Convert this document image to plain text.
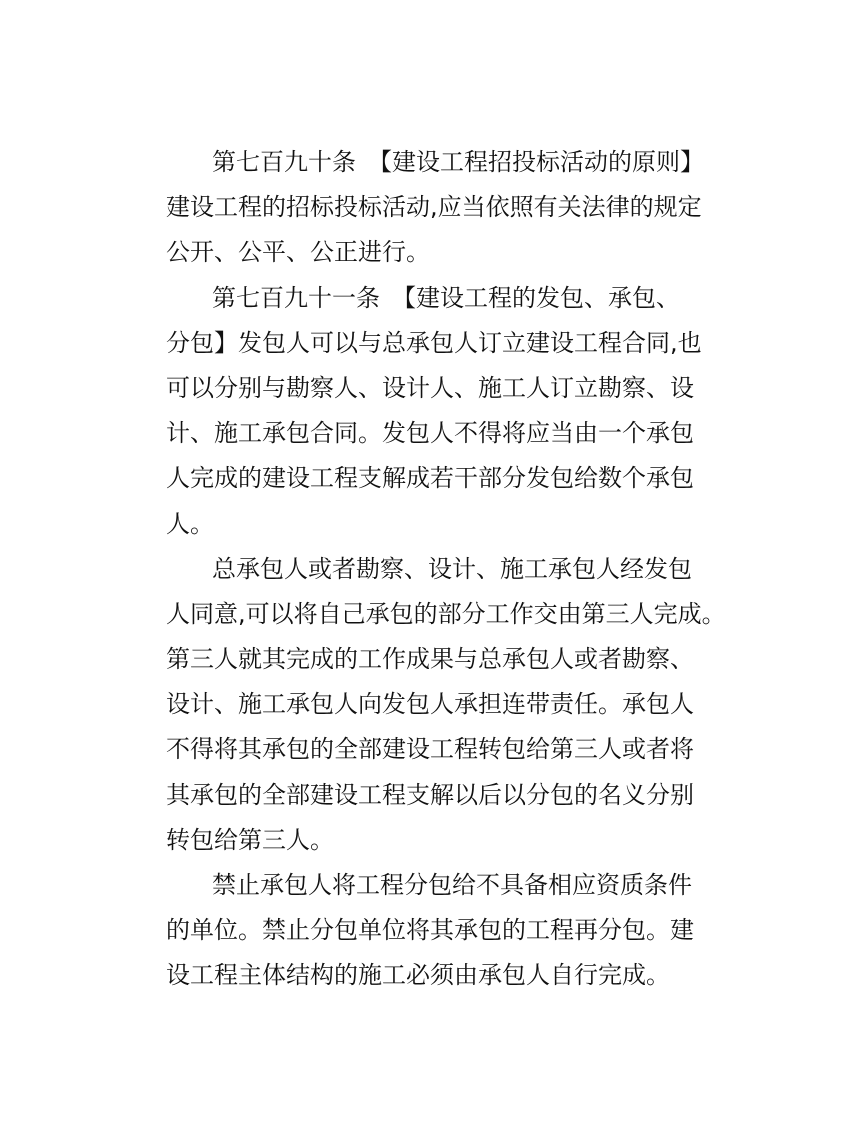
第七百九十条　【建设工程招投标活动的原则】
建设工程的招标投标活动,应当依照有关法律的规定
公开、公平、公正进行。
第七百九十一条　【建设工程的发包、承包、
分包】发包人可以与总承包人订立建设工程合同,也
可以分别与勘察人、设计人、施工人订立勘察、设
计、施工承包合同。发包人不得将应当由一个承包
人完成的建设工程支解成若干部分发包给数个承包
人。
总承包人或者勘察、设计、施工承包人经发包
人同意,可以将自己承包的部分工作交由第三人完成。
第三人就其完成的工作成果与总承包人或者勘察、
设计、施工承包人向发包人承担连带责任。承包人
不得将其承包的全部建设工程转包给第三人或者将
其承包的全部建设工程支解以后以分包的名义分别
转包给第三人。
禁止承包人将工程分包给不具备相应资质条件
的单位。禁止分包单位将其承包的工程再分包。建
设工程主体结构的施工必须由承包人自行完成。
